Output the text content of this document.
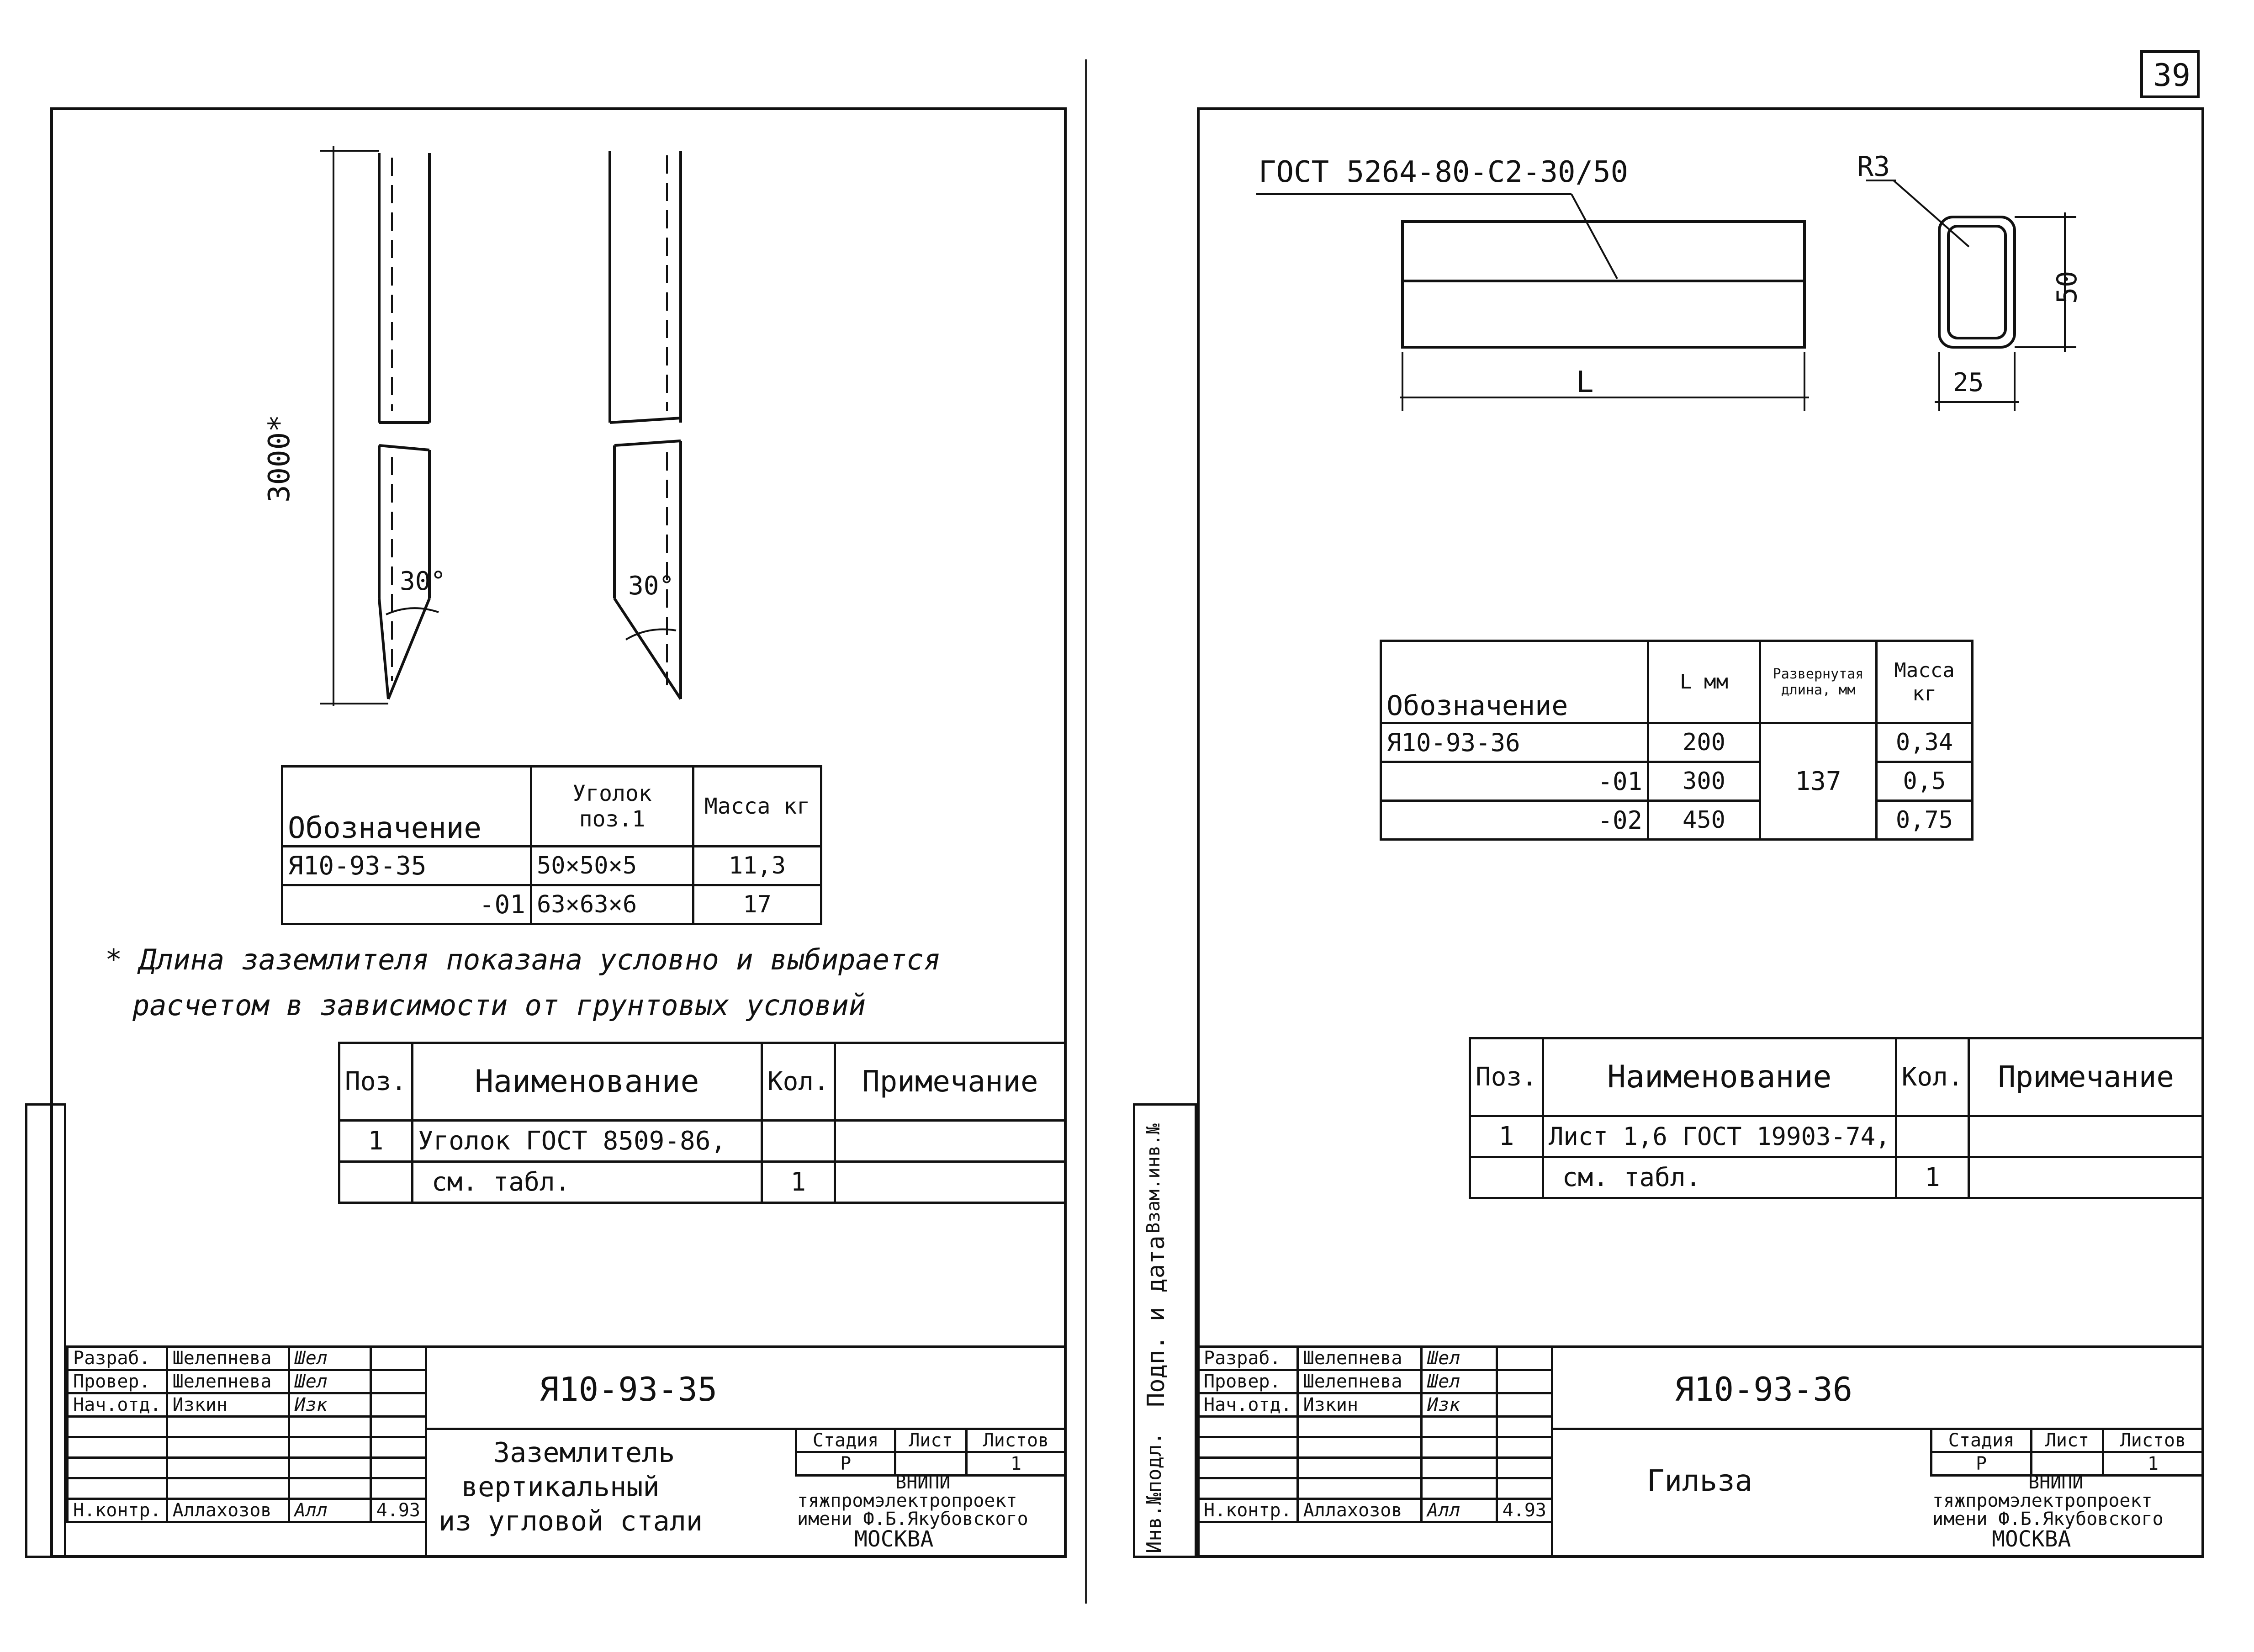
39
3000*
30°	30°
Обозначение	Уголок поз.1	Масса кг
Я10-93-35	50×50×5	11,3
-01	63×63×6	17
* Длина заземлителя показана условно и выбирается
расчетом в зависимости от грунтовых условий
Поз.	Наименование	Кол.	Примечание
1	Уголок ГОСТ 8509-86,		
	см. табл.	1	
Разраб.	Шелепнева	Шел	
Провер.	Шелепнева	Шел	
Нач.отд.	Изкин	Изк	

Н.контр.	Аллахозов	Алл	4.93
Я10-93-35
Заземлитель
вертикальный
из угловой стали
Стадия	Лист	Листов
Р		1
ВНИПИ
тяжпромэлектропроект
имени Ф.Б.Якубовского
МОСКВА
ГОСТ 5264-80-С2-30/50
L
R3
50
25
Обозначение	L мм	Развернутая длина, мм	Масса кг
Я10-93-36	200	137	0,34
-01	300		0,5
-02	450		0,75
Поз.	Наименование	Кол.	Примечание
1	Лист 1,6 ГОСТ 19903-74,		
	см. табл.	1	
Взам.инв.№
Подп. и дата
Инв.№подл.
Разраб.	Шелепнева	Шел	
Провер.	Шелепнева	Шел	
Нач.отд.	Изкин	Изк	

Н.контр.	Аллахозов	Алл	4.93
Я10-93-36
Гильза
Стадия	Лист	Листов
Р		1
ВНИПИ
тяжпромэлектропроект
имени Ф.Б.Якубовского
МОСКВА
